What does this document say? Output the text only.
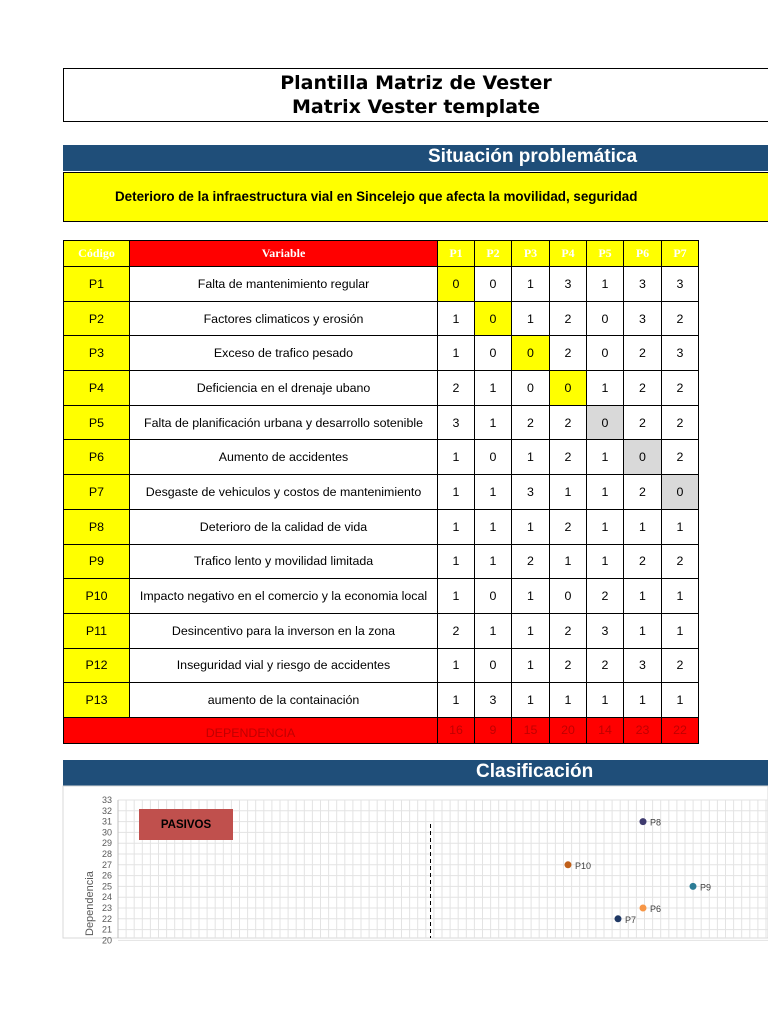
Plantilla Matriz de Vester
Matrix Vester template
Situación problemática
Deterioro de la infraestructura vial en Sincelejo que afecta la movilidad, seguridad
Código	Variable	P1	P2	P3	P4	P5	P6	P7
P1	Falta de mantenimiento regular	0	0	1	3	1	3	3
P2	Factores climaticos y erosión	1	0	1	2	0	3	2
P3	Exceso de trafico pesado	1	0	0	2	0	2	3
P4	Deficiencia en el drenaje ubano	2	1	0	0	1	2	2
P5	Falta de planificación urbana y desarrollo sotenible	3	1	2	2	0	2	2
P6	Aumento de accidentes	1	0	1	2	1	0	2
P7	Desgaste de vehiculos y costos de mantenimiento	1	1	3	1	1	2	0
P8	Deterioro de la calidad de vida	1	1	1	2	1	1	1
P9	Trafico lento y movilidad limitada	1	1	2	1	1	2	2
P10	Impacto negativo en el comercio y la economia local	1	0	1	0	2	1	1
P11	Desincentivo para la inverson en la zona	2	1	1	2	3	1	1
P12	Inseguridad vial y riesgo de accidentes	1	0	1	2	2	3	2
P13	aumento de la containación	1	3	1	1	1	1	1
DEPENDENCIA		16	9	15	20	14	23	22
Clasificación
20
21
22
23
24
25
26
27
28
29
30
31
32
33
Dependencia
P8
P10
P9
P6
P7
PASIVOS
